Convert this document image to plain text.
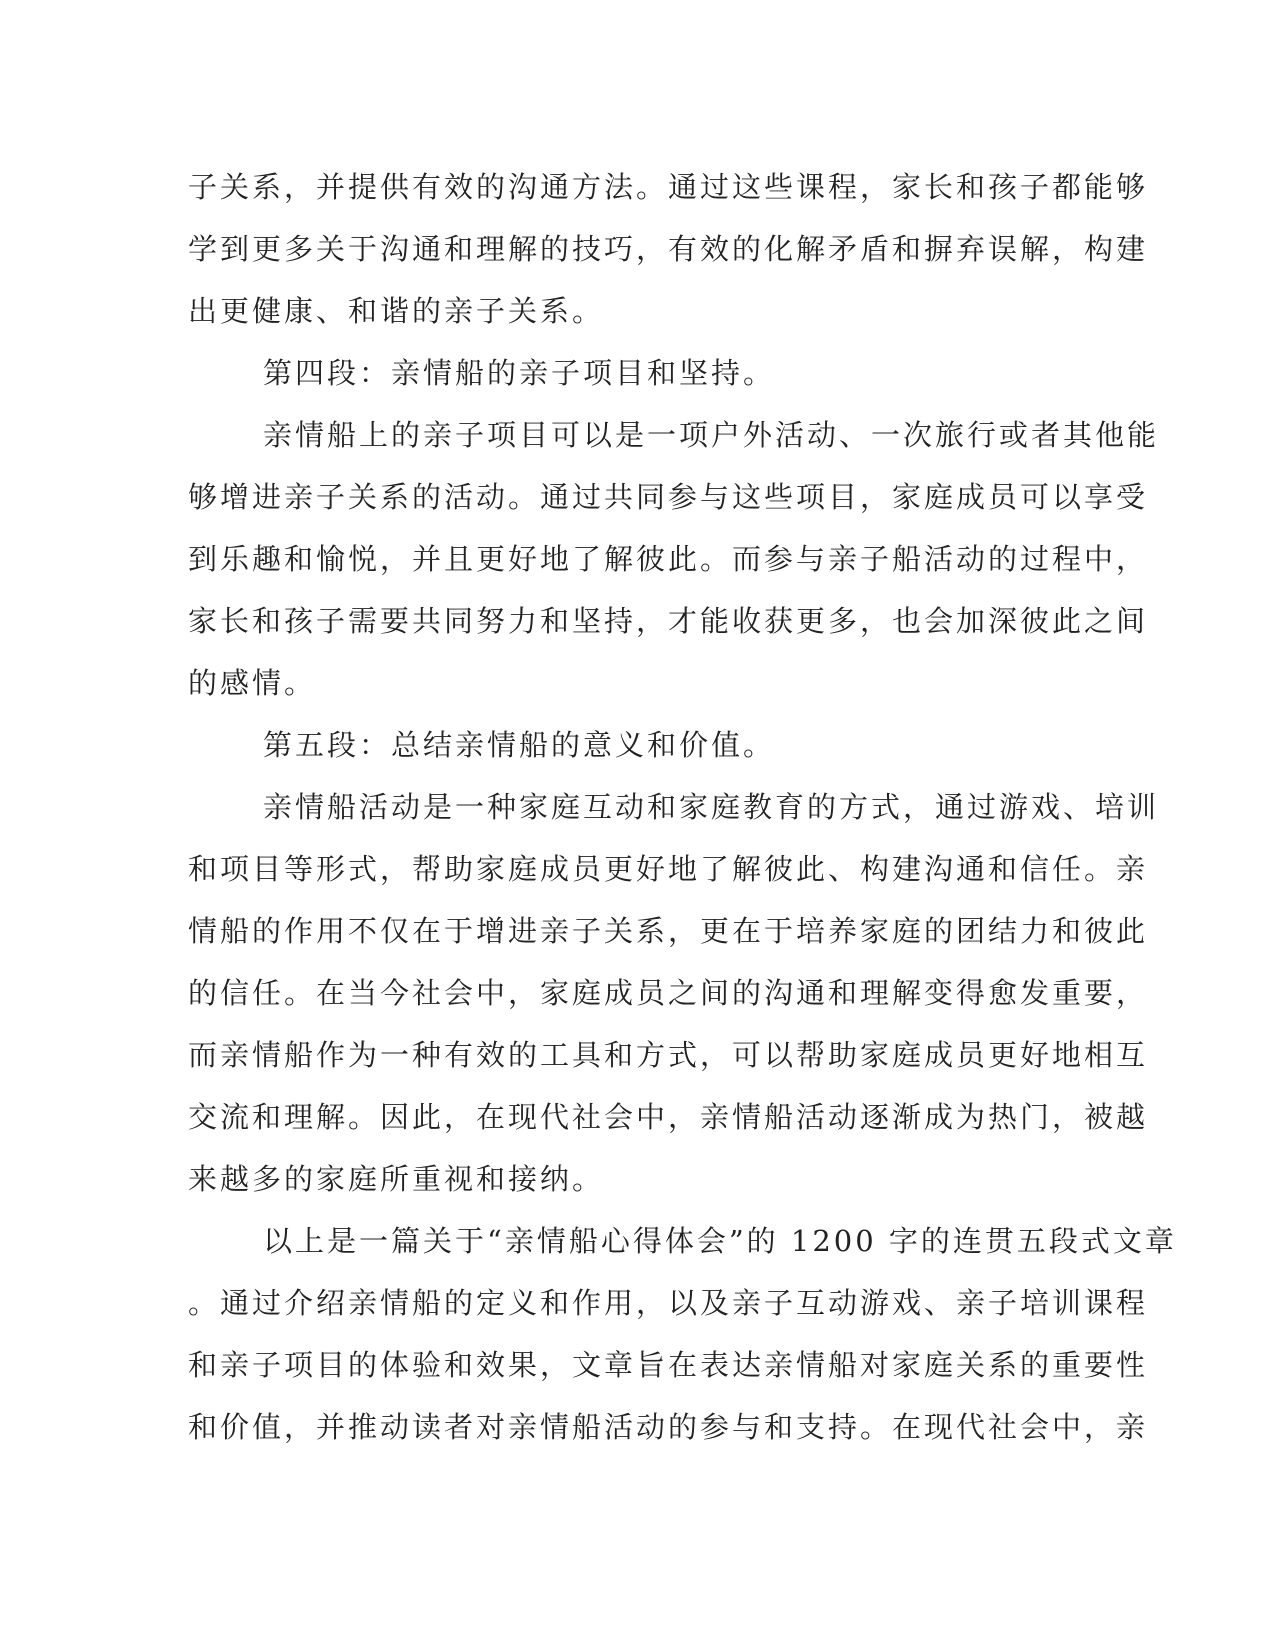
子关系，并提供有效的沟通方法。通过这些课程，家长和孩子都能够
学到更多关于沟通和理解的技巧，有效的化解矛盾和摒弃误解，构建
出更健康、和谐的亲子关系。
第四段：亲情船的亲子项目和坚持。
亲情船上的亲子项目可以是一项户外活动、一次旅行或者其他能
够增进亲子关系的活动。通过共同参与这些项目，家庭成员可以享受
到乐趣和愉悦，并且更好地了解彼此。而参与亲子船活动的过程中，
家长和孩子需要共同努力和坚持，才能收获更多，也会加深彼此之间
的感情。
第五段：总结亲情船的意义和价值。
亲情船活动是一种家庭互动和家庭教育的方式，通过游戏、培训
和项目等形式，帮助家庭成员更好地了解彼此、构建沟通和信任。亲
情船的作用不仅在于增进亲子关系，更在于培养家庭的团结力和彼此
的信任。在当今社会中，家庭成员之间的沟通和理解变得愈发重要，
而亲情船作为一种有效的工具和方式，可以帮助家庭成员更好地相互
交流和理解。因此，在现代社会中，亲情船活动逐渐成为热门，被越
来越多的家庭所重视和接纳。
以上是一篇关于“亲情船心得体会”的 1200 字的连贯五段式文章
。通过介绍亲情船的定义和作用，以及亲子互动游戏、亲子培训课程
和亲子项目的体验和效果，文章旨在表达亲情船对家庭关系的重要性
和价值，并推动读者对亲情船活动的参与和支持。在现代社会中，亲
